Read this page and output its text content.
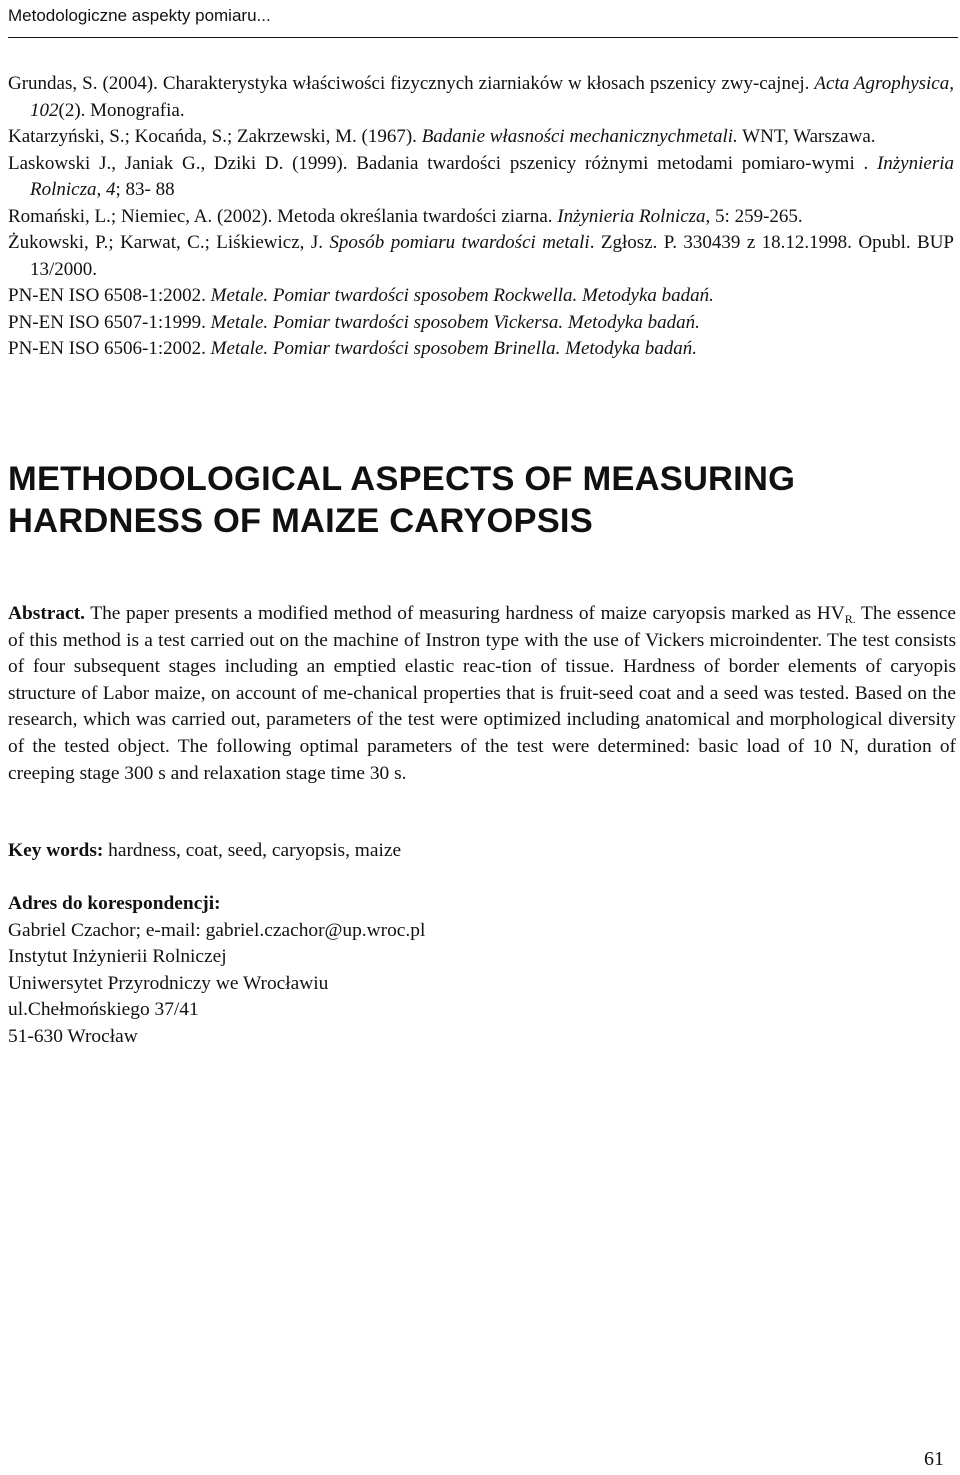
Metodologiczne aspekty pomiaru...

Grundas, S. (2004). Charakterystyka właściwości fizycznych ziarniaków w kłosach pszenicy zwy-cajnej. Acta Agrophysica, 102(2). Monografia.

Katarzyński, S.; Kocańda, S.; Zakrzewski, M. (1967). Badanie własności mechanicznychmetali. WNT, Warszawa.

Laskowski J., Janiak G., Dziki D. (1999). Badania twardości pszenicy różnymi metodami pomiaro-wymi . Inżynieria Rolnicza, 4; 83- 88

Romański, L.; Niemiec, A. (2002). Metoda określania twardości ziarna. Inżynieria Rolnicza, 5: 259-265.

Żukowski, P.; Karwat, C.; Liśkiewicz, J. Sposób pomiaru twardości metali. Zgłosz. P. 330439 z 18.12.1998. Opubl. BUP 13/2000.

PN-EN ISO 6508-1:2002. Metale. Pomiar twardości sposobem Rockwella. Metodyka badań.

PN-EN ISO 6507-1:1999. Metale. Pomiar twardości sposobem Vickersa. Metodyka badań.

PN-EN ISO 6506-1:2002. Metale. Pomiar twardości sposobem Brinella. Metodyka badań.

METHODOLOGICAL ASPECTS OF MEASURING
HARDNESS OF MAIZE CARYOPSIS

Abstract. The paper presents a modified method of measuring hardness of maize caryopsis marked as $HV_{R.}$ The essence of this method is a test carried out on the machine of Instron type with the use of Vickers microindenter. The test consists of four subsequent stages including an emptied elastic reac-tion of tissue. Hardness of border elements of caryopis structure of Labor maize, on account of me-chanical properties that is fruit-seed coat and a seed was tested. Based on the research, which was carried out, parameters of the test were optimized including anatomical and morphological diversity of the tested object. The following optimal parameters of the test were determined: basic load of 10 N, duration of creeping stage 300 s and relaxation stage time 30 s.

Key words: hardness, coat, seed, caryopsis, maize

Adres do korespondencji:
Gabriel Czachor; e-mail: gabriel.czachor@up.wroc.pl
Instytut Inżynierii Rolniczej
Uniwersytet Przyrodniczy we Wrocławiu
ul.Chełmońskiego 37/41
51-630 Wrocław
61
